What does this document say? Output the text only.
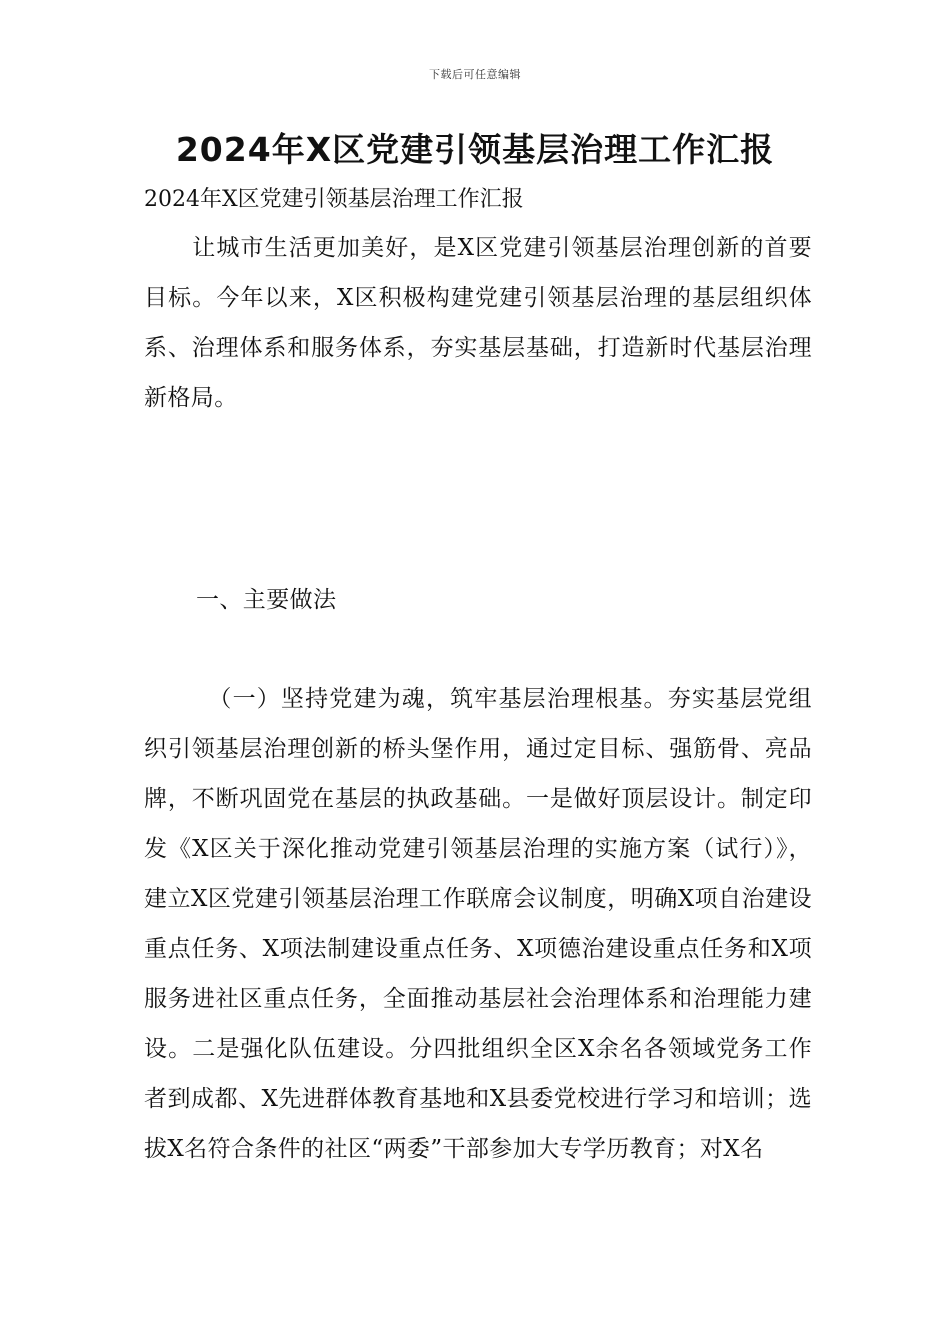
下载后可任意编辑
2024年X区党建引领基层治理工作汇报

2024年X区党建引领基层治理工作汇报

让城市生活更加美好，是X区党建引领基层治理创新的首要目标。今年以来，X区积极构建党建引领基层治理的基层组织体系、治理体系和服务体系，夯实基层基础，打造新时代基层治理新格局。

一、主要做法

（一）坚持党建为魂，筑牢基层治理根基。夯实基层党组织引领基层治理创新的桥头堡作用，通过定目标、强筋骨、亮品牌，不断巩固党在基层的执政基础。一是做好顶层设计。制定印发《X区关于深化推动党建引领基层治理的实施方案（试行）》，建立X区党建引领基层治理工作联席会议制度，明确X项自治建设重点任务、X项法制建设重点任务、X项德治建设重点任务和X项服务进社区重点任务，全面推动基层社会治理体系和治理能力建设。二是强化队伍建设。分四批组织全区X余名各领域党务工作者到成都、X先进群体教育基地和X县委党校进行学习和培训；选拔X名符合条件的社区“两委”干部参加大专学历教育；对X名
